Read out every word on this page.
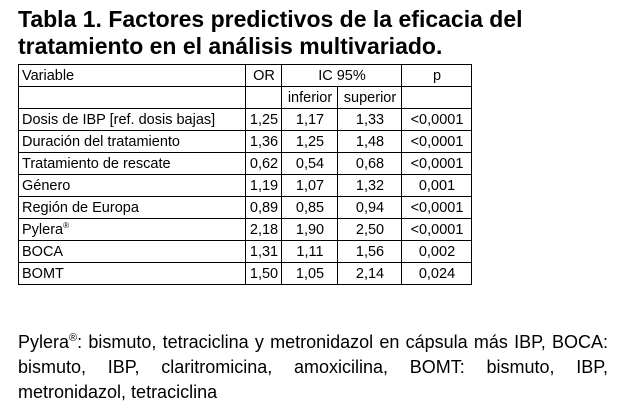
Tabla 1. Factores predictivos de la eficacia del tratamiento en el análisis multivariado.
Variable	OR	IC 95%		p
		inferior	superior	
Dosis de IBP [ref. dosis bajas]	1,25	1,17	1,33	<0,0001
Duración del tratamiento	1,36	1,25	1,48	<0,0001
Tratamiento de rescate	0,62	0,54	0,68	<0,0001
Género	1,19	1,07	1,32	0,001
Región de Europa	0,89	0,85	0,94	<0,0001
Pylera®	2,18	1,90	2,50	<0,0001
BOCA	1,31	1,11	1,56	0,002
BOMT	1,50	1,05	2,14	0,024

Pylera®: bismuto, tetraciclina y metronidazol en cápsula más IBP, BOCA: bismuto, IBP, claritromicina, amoxicilina, BOMT: bismuto, IBP, metronidazol, tetraciclina
